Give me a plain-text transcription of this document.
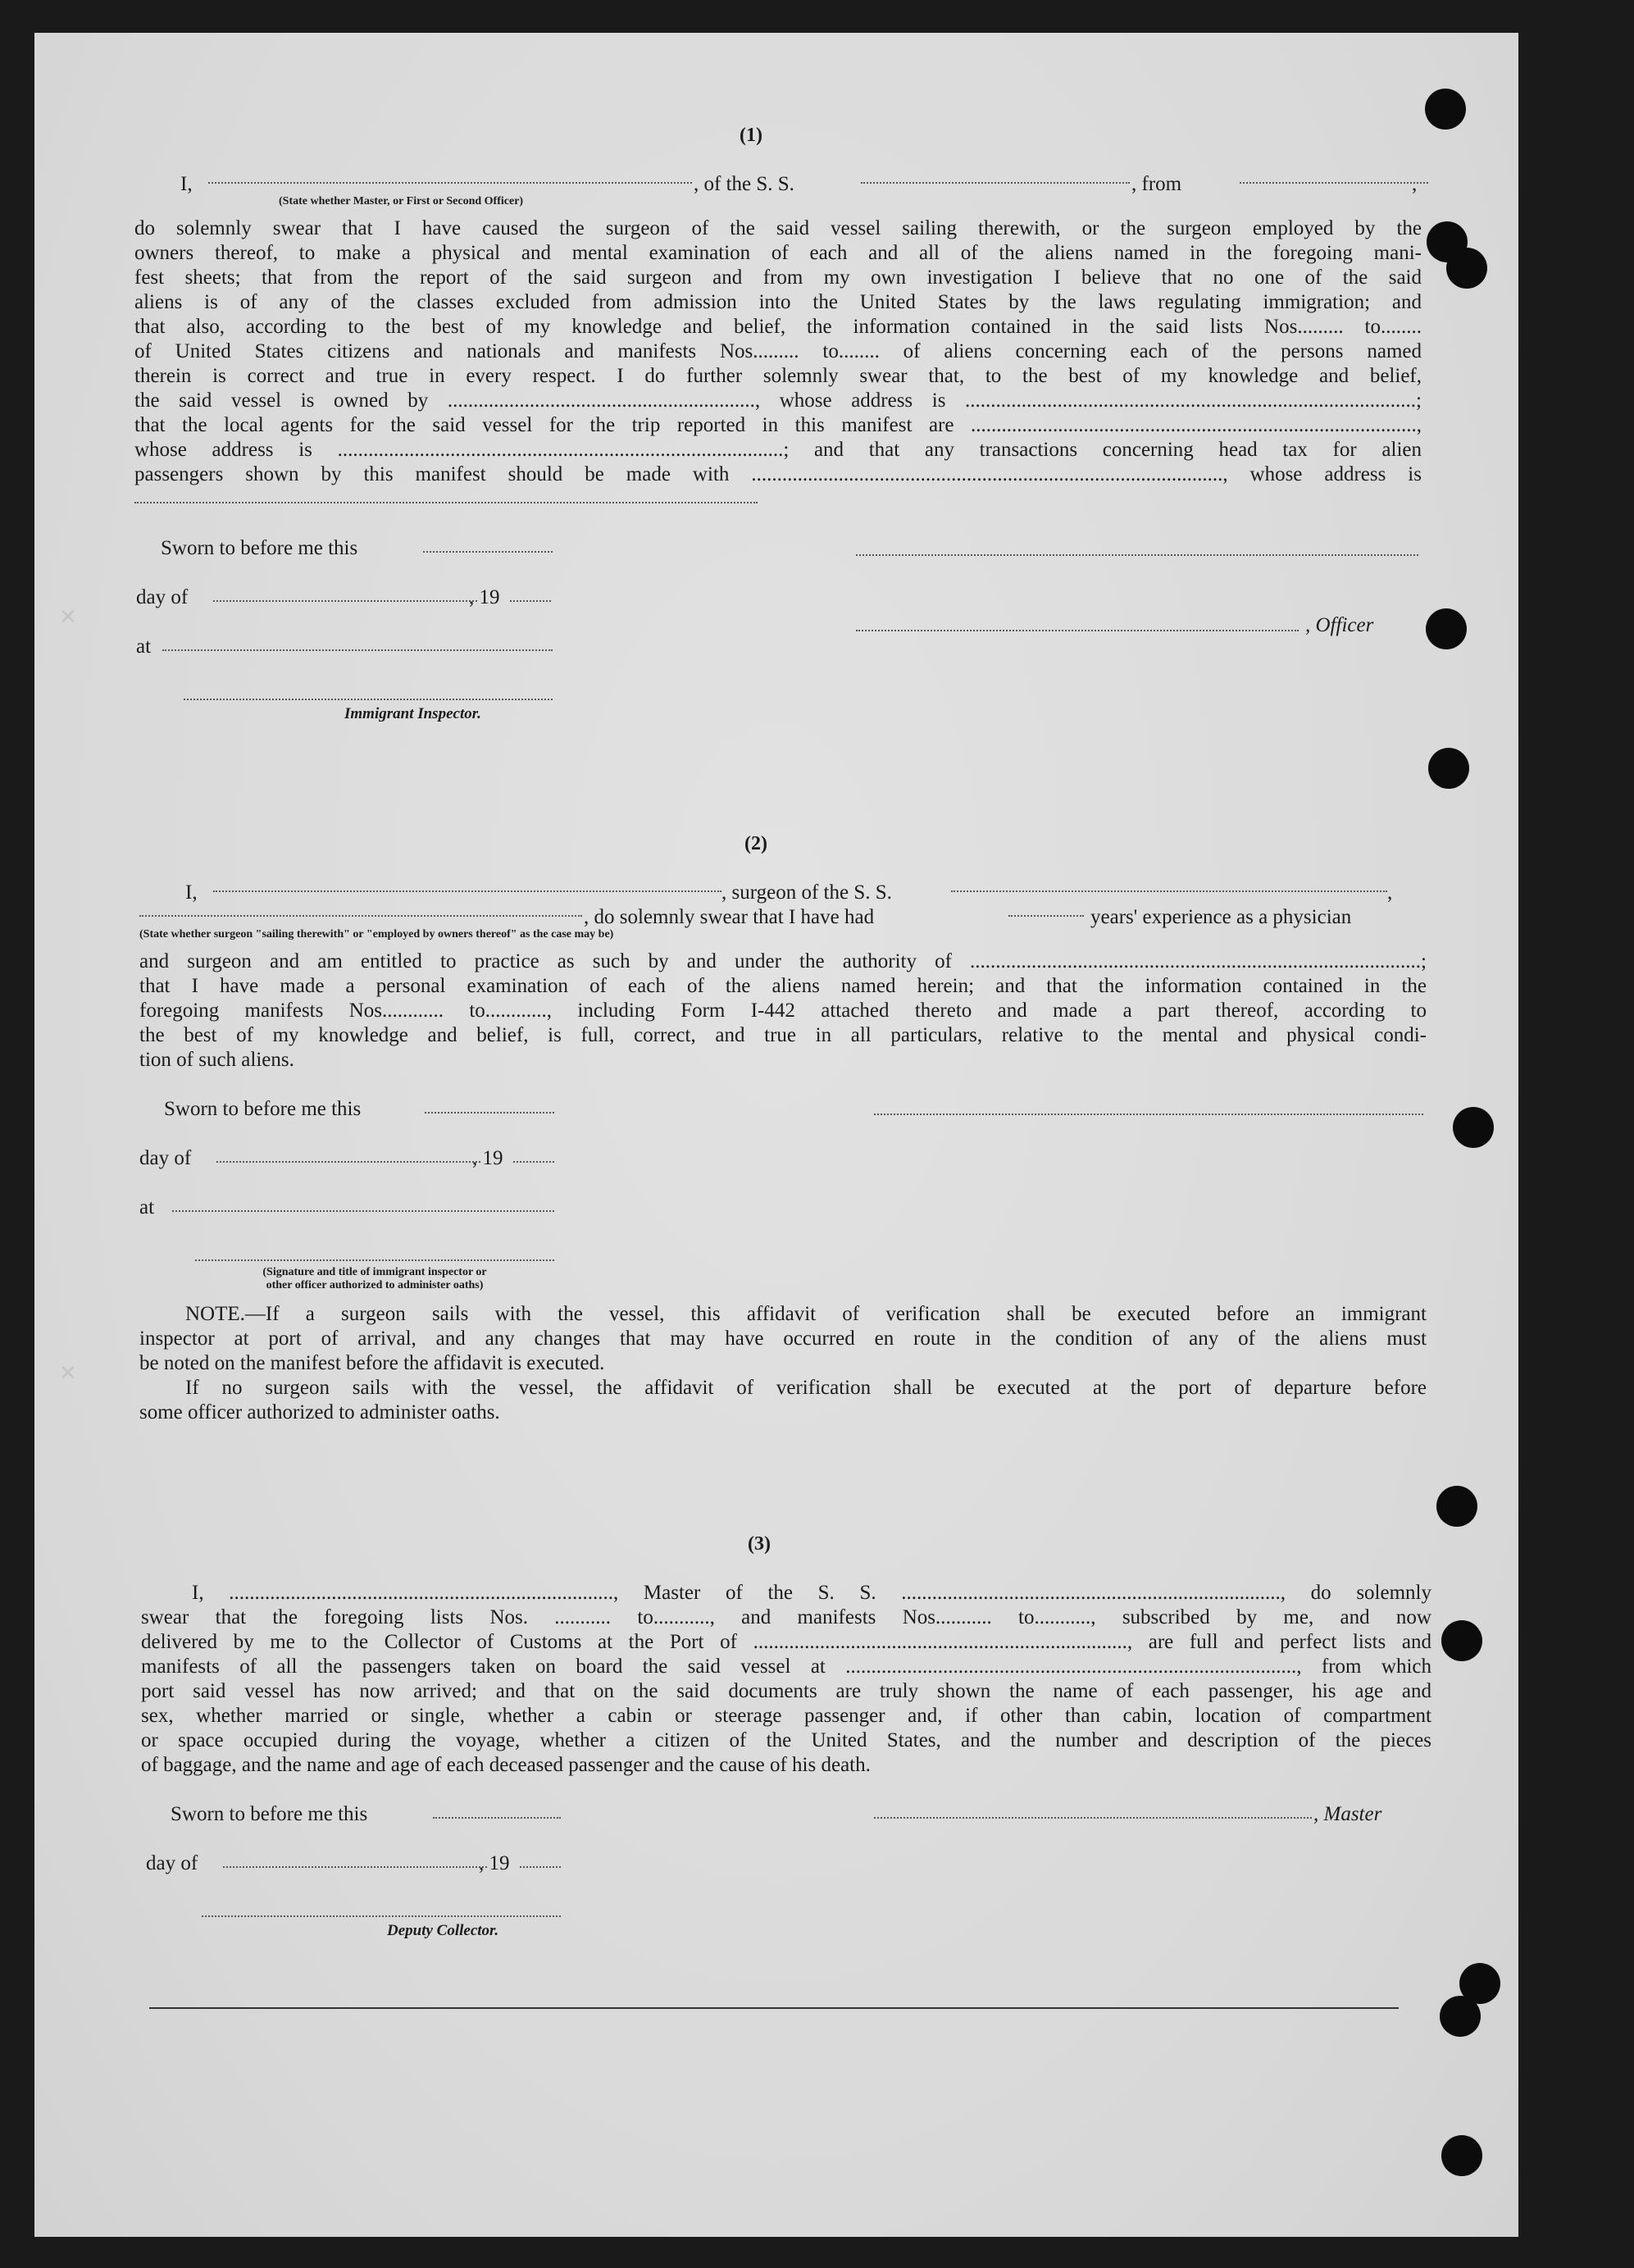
✕
✕
(1)
I,	, of the S. S.	, from	,
(State whether Master, or First or Second Officer)
do solemnly swear that I have caused the surgeon of the said vessel sailing therewith, or the surgeon employed by the
owners thereof, to make a physical and mental examination of each and all of the aliens named in the foregoing mani-
fest sheets; that from the report of the said surgeon and from my own investigation I believe that no one of the said
aliens is of any of the classes excluded from admission into the United States by the laws regulating immigration; and
that also, according to the best of my knowledge and belief, the information contained in the said lists Nos......... to........
of United States citizens and nationals and manifests Nos......... to........ of aliens concerning each of the persons named
therein is correct and true in every respect. I do further solemnly swear that, to the best of my knowledge and belief,
the said vessel is owned by ............................................................, whose address is ........................................................................................;
that the local agents for the said vessel for the trip reported in this manifest are .......................................................................................,
whose address is .......................................................................................; and that any transactions concerning head tax for alien
passengers shown by this manifest should be made with ............................................................................................, whose address is
Sworn to before me this
day of	, 19
, Officer
at
Immigrant Inspector.
(2)
I,	, surgeon of the S. S.	,
, do solemnly swear that I have had	years' experience as a physician
(State whether surgeon "sailing therewith" or "employed by owners thereof" as the case may be)
and surgeon and am entitled to practice as such by and under the authority of ........................................................................................;
that I have made a personal examination of each of the aliens named herein; and that the information contained in the
foregoing manifests Nos............ to............, including Form I-442 attached thereto and made a part thereof, according to
the best of my knowledge and belief, is full, correct, and true in all particulars, relative to the mental and physical condi-
tion of such aliens.
Sworn to before me this
day of	, 19
at
(Signature and title of immigrant inspector or
other officer authorized to administer oaths)
NOTE.—If a surgeon sails with the vessel, this affidavit of verification shall be executed before an immigrant
inspector at port of arrival, and any changes that may have occurred en route in the condition of any of the aliens must
be noted on the manifest before the affidavit is executed.
If no surgeon sails with the vessel, the affidavit of verification shall be executed at the port of departure before
some officer authorized to administer oaths.
(3)
I, ..........................................................................., Master of the S. S. .........................................................................., do solemnly
swear that the foregoing lists Nos. ........... to..........., and manifests Nos........... to..........., subscribed by me, and now
delivered by me to the Collector of Customs at the Port of ........................................................................., are full and perfect lists and
manifests of all the passengers taken on board the said vessel at ........................................................................................, from which
port said vessel has now arrived; and that on the said documents are truly shown the name of each passenger, his age and
sex, whether married or single, whether a cabin or steerage passenger and, if other than cabin, location of compartment
or space occupied during the voyage, whether a citizen of the United States, and the number and description of the pieces
of baggage, and the name and age of each deceased passenger and the cause of his death.
Sworn to before me this	, Master
day of	, 19
Deputy Collector.
